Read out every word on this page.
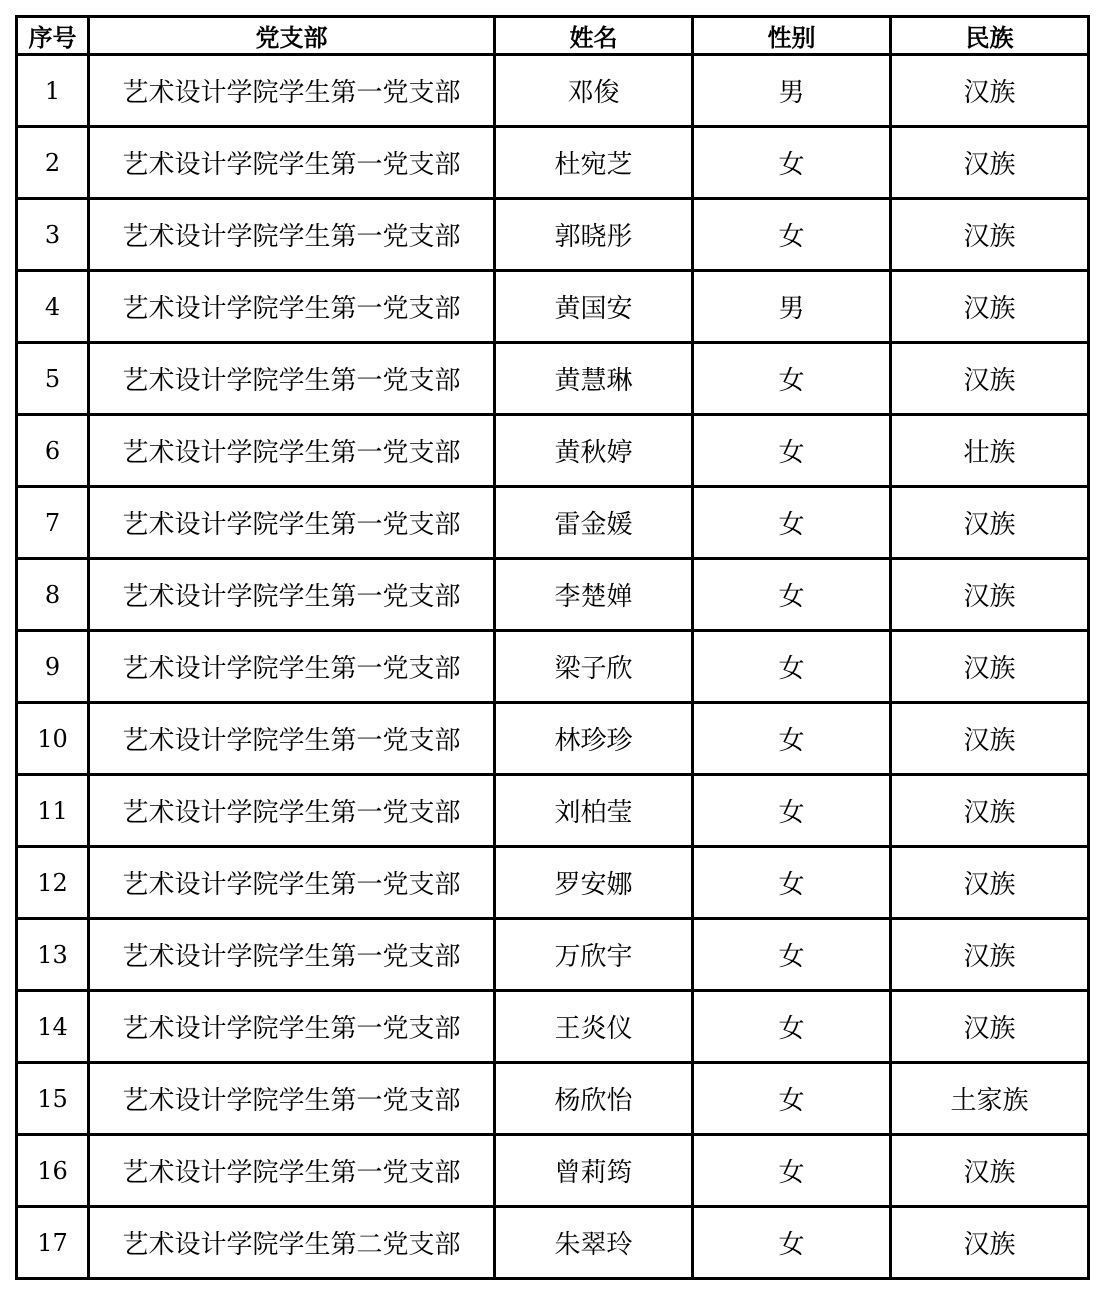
序号	党支部	姓名	性别	民族
1	艺术设计学院学生第一党支部	邓俊	男	汉族
2	艺术设计学院学生第一党支部	杜宛芝	女	汉族
3	艺术设计学院学生第一党支部	郭晓彤	女	汉族
4	艺术设计学院学生第一党支部	黄国安	男	汉族
5	艺术设计学院学生第一党支部	黄慧琳	女	汉族
6	艺术设计学院学生第一党支部	黄秋婷	女	壮族
7	艺术设计学院学生第一党支部	雷金媛	女	汉族
8	艺术设计学院学生第一党支部	李楚婵	女	汉族
9	艺术设计学院学生第一党支部	梁子欣	女	汉族
10	艺术设计学院学生第一党支部	林珍珍	女	汉族
11	艺术设计学院学生第一党支部	刘柏莹	女	汉族
12	艺术设计学院学生第一党支部	罗安娜	女	汉族
13	艺术设计学院学生第一党支部	万欣宇	女	汉族
14	艺术设计学院学生第一党支部	王炎仪	女	汉族
15	艺术设计学院学生第一党支部	杨欣怡	女	土家族
16	艺术设计学院学生第一党支部	曾莉筠	女	汉族
17	艺术设计学院学生第二党支部	朱翠玲	女	汉族
